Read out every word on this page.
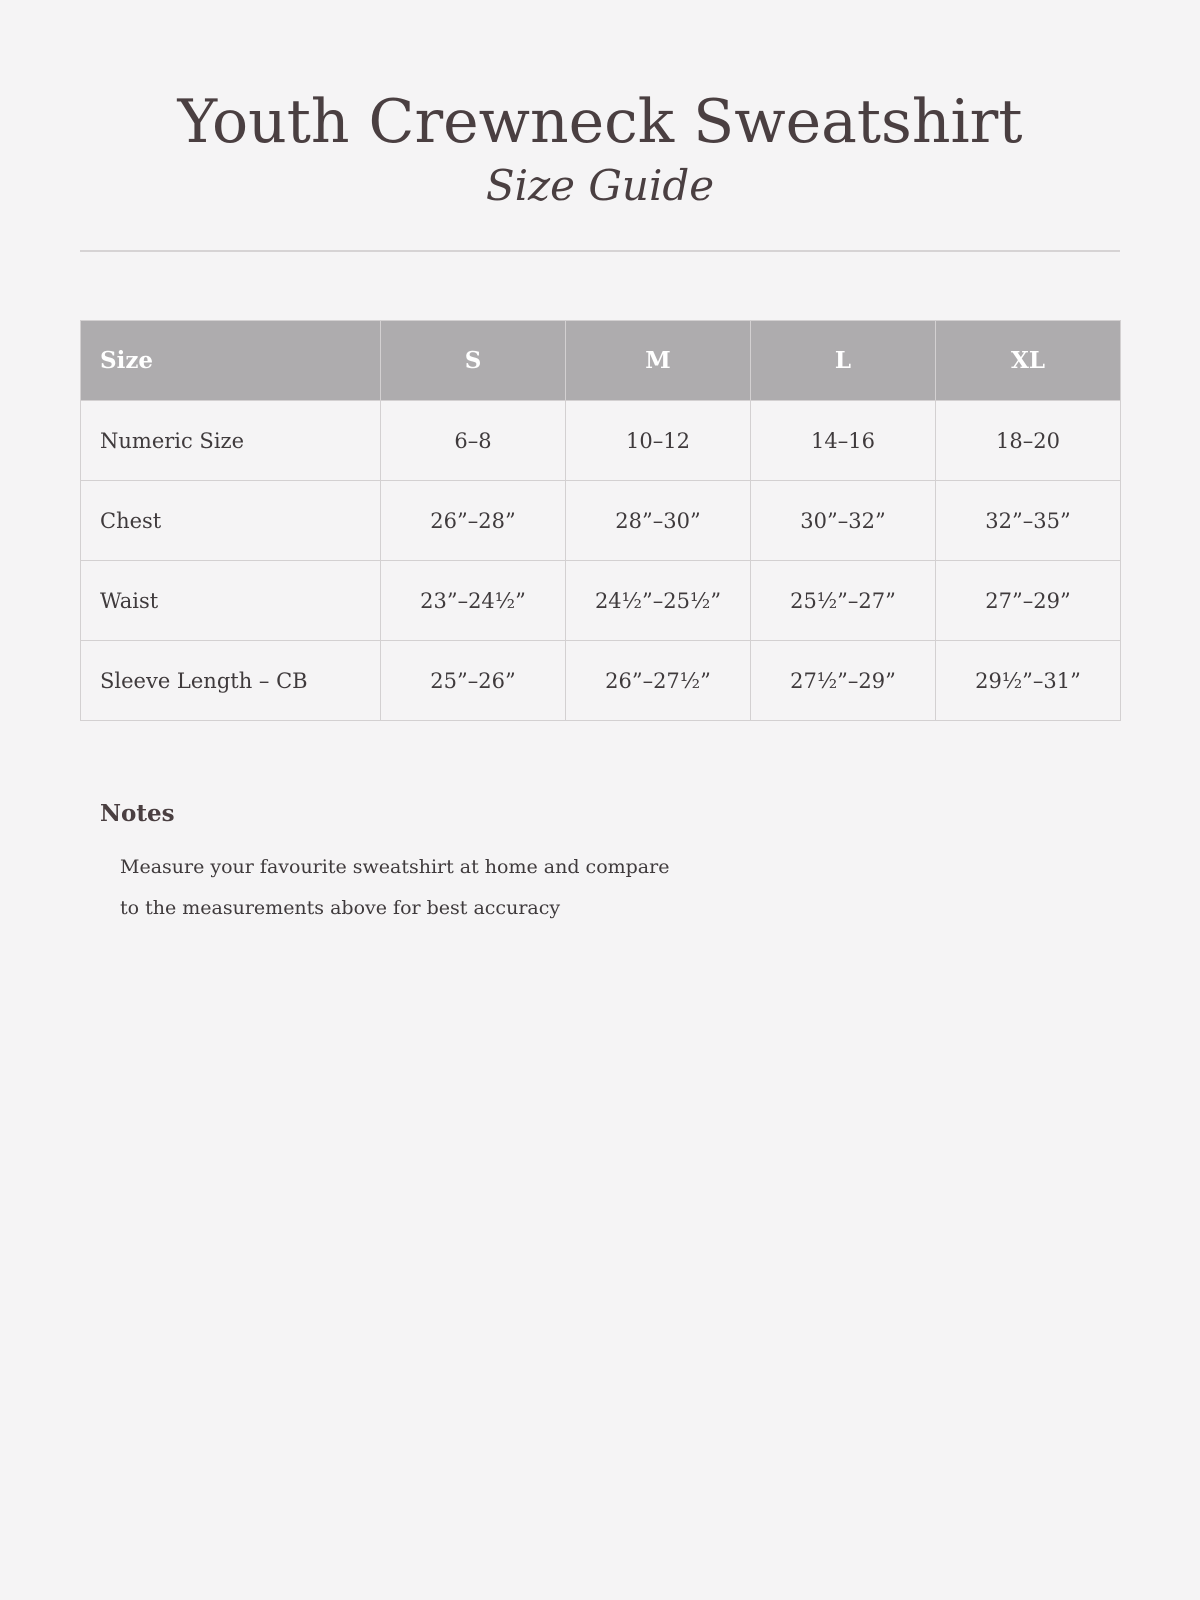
Youth Crewneck Sweatshirt
Size Guide
Size	S	M	L	XL
Numeric Size	6–8	10–12	14–16	18–20
Chest	26”–28”	28”–30”	30”–32”	32”–35”
Waist	23”–24½”	24½”–25½”	25½”–27”	27”–29”
Sleeve Length – CB	25”–26”	26”–27½”	27½”–29”	29½”–31”
Notes

Measure your favourite sweatshirt at home and compare
to the measurements above for best accuracy
